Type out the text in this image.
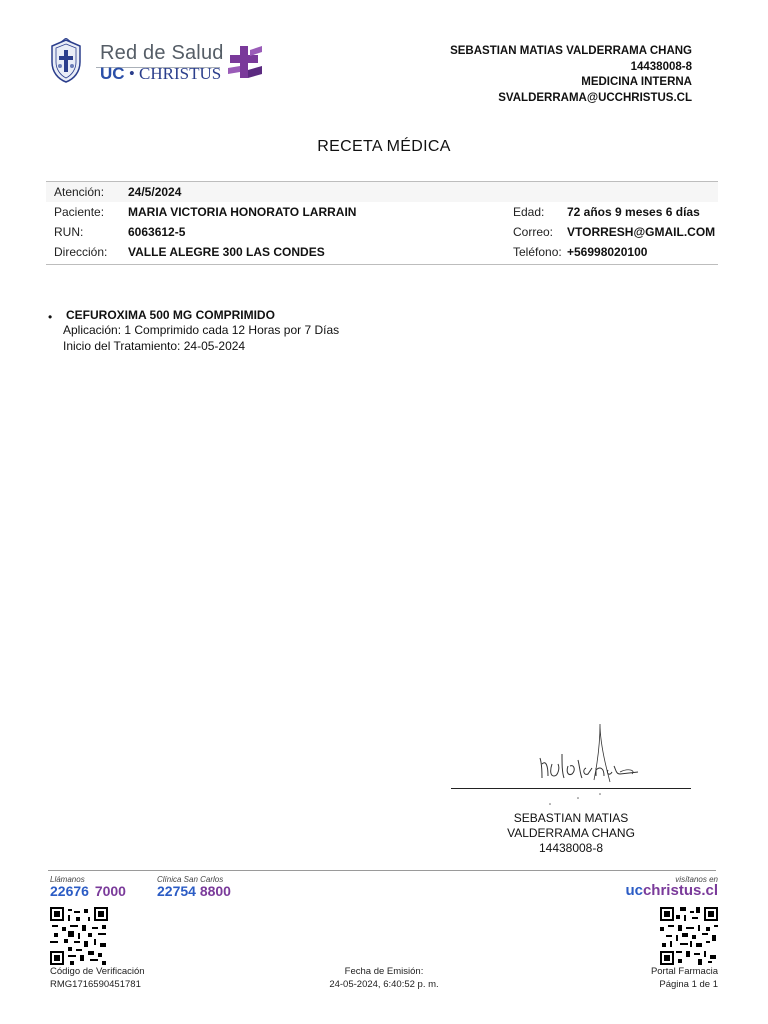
Red de Salud
UC • CHRISTUS
SEBASTIAN MATIAS VALDERRAMA CHANG
14438008-8
MEDICINA INTERNA
SVALDERRAMA@UCCHRISTUS.CL
RECETA MÉDICA
Atención: 24/5/2024
Paciente: MARIA VICTORIA HONORATO LARRAIN	Edad: 72 años 9 meses 6 días
RUN:	6063612-5	Correo: VTORRESH@GMAIL.COM
Dirección: VALLE ALEGRE 300 LAS CONDES	Teléfono: +56998020100
• CEFUROXIMA 500 MG COMPRIMIDO
Aplicación: 1 Comprimido cada 12 Horas por 7 Días
Inicio del Tratamiento: 24-05-2024
SEBASTIAN MATIAS
VALDERRAMA CHANG
14438008-8
Llámanos
22676 7000
Clínica San Carlos
22754 8800
visítanos en
ucchristus.cl
Código de Verificación
RMG1716590451781
Fecha de Emisión:
24-05-2024, 6:40:52 p. m.
Portal Farmacia
Página 1 de 1
